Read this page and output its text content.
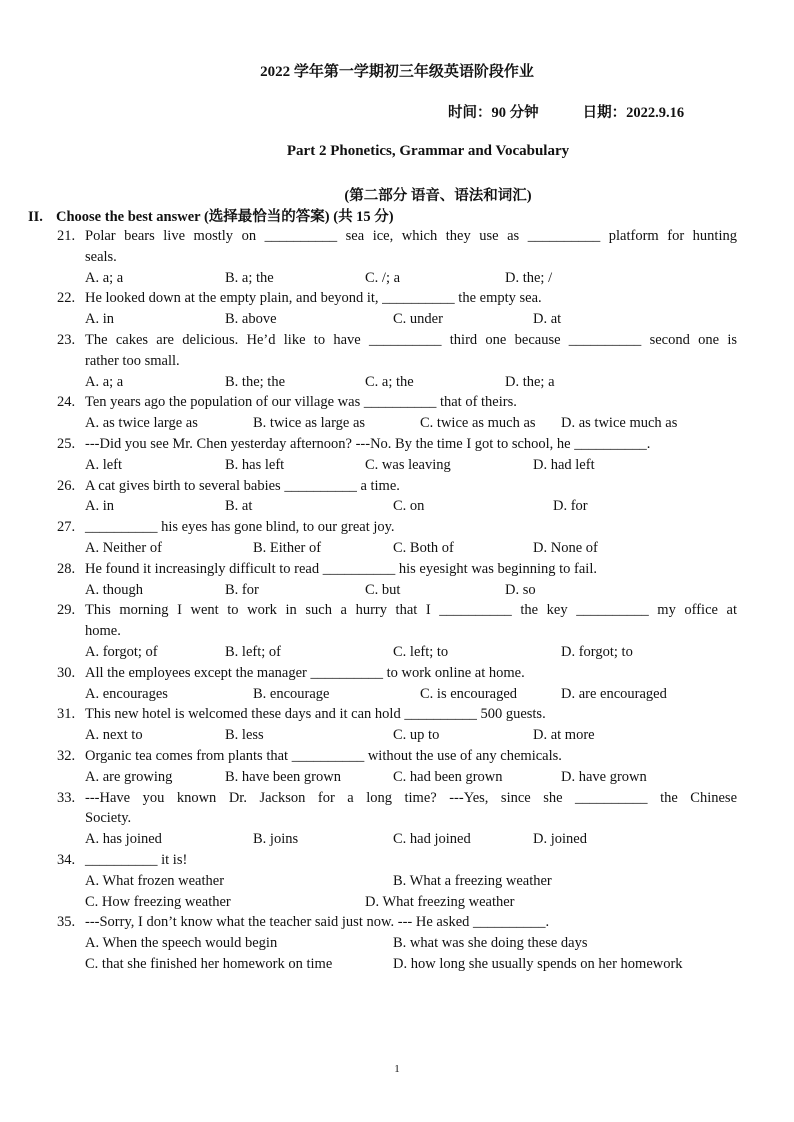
2022 学年第一学期初三年级英语阶段作业
时间：90 分钟	日期：2022.9.16
Part 2 Phonetics, Grammar and Vocabulary
(第二部分 语音、语法和词汇)
II. Choose the best answer (选择最恰当的答案) (共 15 分)
21. Polar bears live mostly on __________ sea ice, which they use as __________ platform for hunting
seals.
A. a; a	B. a; the	C. /; a	D. the; /
22. He looked down at the empty plain, and beyond it, __________ the empty sea.
A. in	B. above	C. under	D. at
23. The cakes are delicious. He’d like to have __________ third one because __________ second one is
rather too small.
A. a; a	B. the; the	C. a; the	D. the; a
24. Ten years ago the population of our village was __________ that of theirs.
A. as twice large as	B. twice as large as	C. twice as much as D. as twice much as
25. ---Did you see Mr. Chen yesterday afternoon? ---No. By the time I got to school, he __________.
A. left	B. has left	C. was leaving	D. had left
26. A cat gives birth to several babies __________ a time.
A. in	B. at	C. on	D. for
27. __________ his eyes has gone blind, to our great joy.
A. Neither of	B. Either of	C. Both of	D. None of
28. He found it increasingly difficult to read __________ his eyesight was beginning to fail.
A. though	B. for	C. but	D. so
29. This morning I went to work in such a hurry that I __________ the key __________ my office at
home.
A. forgot; of	B. left; of	C. left; to	D. forgot; to
30. All the employees except the manager __________ to work online at home.
A. encourages	B. encourage	C. is encouraged	D. are encouraged
31. This new hotel is welcomed these days and it can hold __________ 500 guests.
A. next to	B. less	C. up to	D. at more
32. Organic tea comes from plants that __________ without the use of any chemicals.
A. are growing	B. have been grown	C. had been grown	D. have grown
33. ---Have you known Dr. Jackson for a long time? ---Yes, since she __________ the Chinese
Society.
A. has joined	B. joins	C. had joined	D. joined
34. __________ it is!
A. What frozen weather	B. What a freezing weather
C. How freezing weather	D. What freezing weather
35. ---Sorry, I don’t know what the teacher said just now. --- He asked __________.
A. When the speech would begin	B. what was she doing these days
C. that she finished her homework on time	D. how long she usually spends on her homework
1
